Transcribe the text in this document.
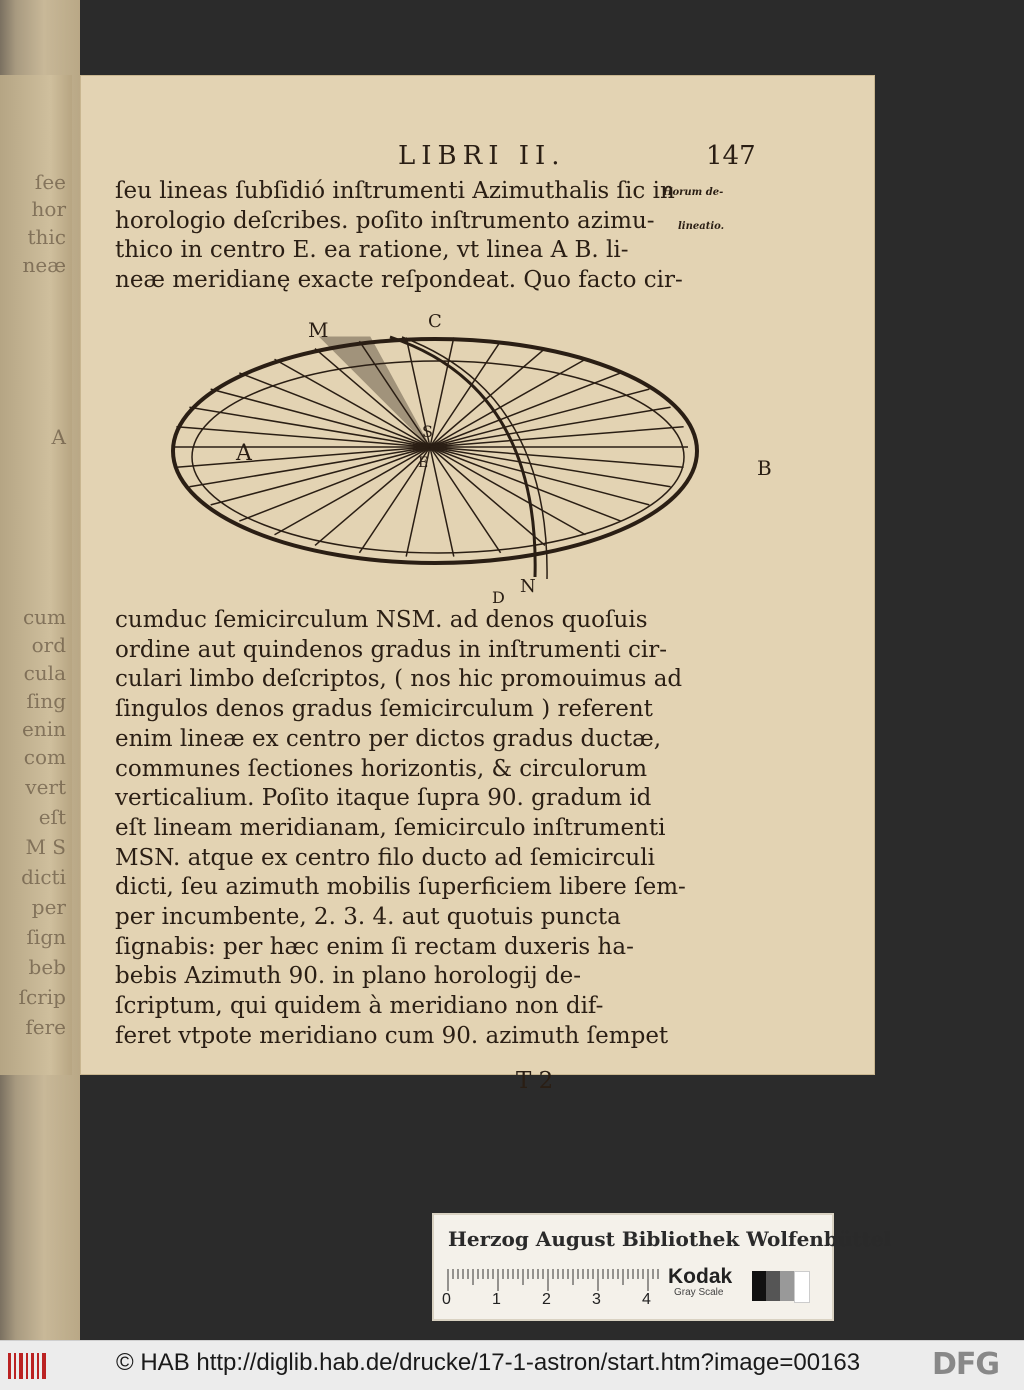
ſee
hor
thic
neæ
A
cum
ord
cula
ſing
enin
com
vert
eſt
M S
dicti
per
ſign
beb
ſcrip
fere
LIBRI II.	147
Horum de-
lineatio.
ſeu lineas ſubſidió inſtrumenti Azimuthalis ſic in
horologio deſcribes. poſito inſtrumento azimu-
thico in centro E. ea ratione, vt linea A B. li-
neæ meridianę exacte reſpondeat. Quo facto cir-
A
B
M	C
S
E
D
N
cumduc ſemicirculum NSM. ad denos quoſuis
ordine aut quindenos gradus in inſtrumenti cir-
culari limbo deſcriptos, ( nos hic promouimus ad
ſingulos denos gradus ſemicirculum ) referent
enim lineæ ex centro per dictos gradus ductæ,
communes ſectiones horizontis, & circulorum
verticalium. Poſito itaque ſupra 90. gradum id
eſt lineam meridianam, ſemicirculo inſtrumenti
MSN. atque ex centro filo ducto ad ſemicirculi
dicti, ſeu azimuth mobilis ſuperficiem libere ſem-
per incumbente, 2. 3. 4. aut quotuis puncta
ſignabis: per hæc enim ſi rectam duxeris ha-
bebis Azimuth 90. in plano horologij de-
ſcriptum, qui quidem à meridiano non dif-
feret vtpote meridiano cum 90. azimuth ſempet
T 2
Herzog August Bibliothek Wolfenbüttel
0	1	2	3	4
Kodak
Gray Scale
© HAB http://diglib.hab.de/drucke/17-1-astron/start.htm?image=00163 DFG
